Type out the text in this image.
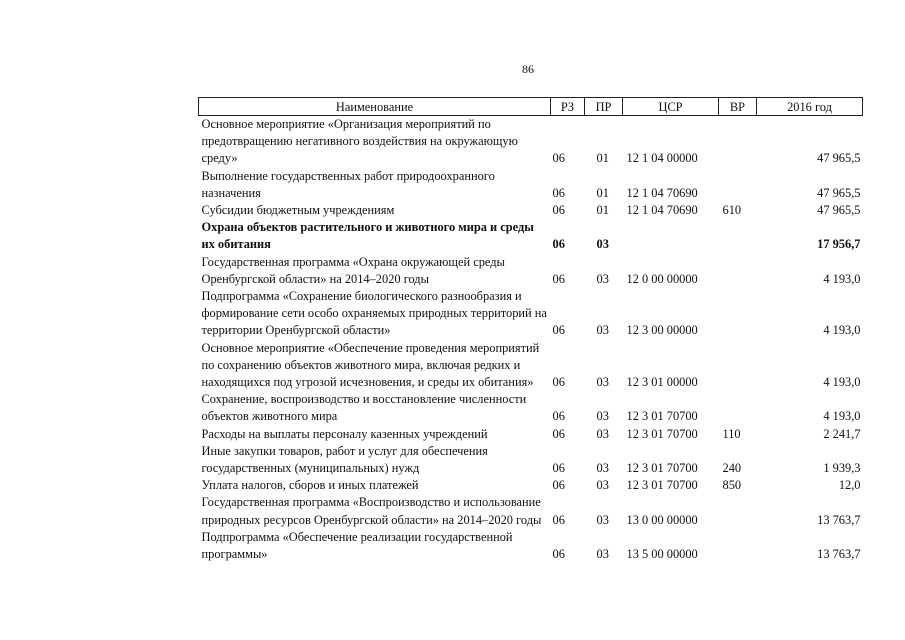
86
Наименование	РЗ	ПР	ЦСР	ВР	2016 год
Основное мероприятие «Организация мероприятий по предотвращению негативного воздействия на окружающую среду»	06	01	12 1 04 00000		47 965,5
Выполнение государственных работ природоохранного назначения	06	01	12 1 04 70690		47 965,5
Субсидии бюджетным учреждениям	06	01	12 1 04 70690	610	47 965,5
Охрана объектов растительного и животного мира и среды их обитания	06	03			17 956,7
Государственная программа «Охрана окружающей среды Оренбургской области» на 2014–2020 годы	06	03	12 0 00 00000		4 193,0
Подпрограмма «Сохранение биологического разнообразия и формирование сети особо охраняемых природных территорий на территории Оренбургской области»	06	03	12 3 00 00000		4 193,0
Основное мероприятие «Обеспечение проведения мероприятий по сохранению объектов животного мира, включая редких и находящихся под угрозой исчезновения, и среды их обитания»	06	03	12 3 01 00000		4 193,0
Сохранение, воспроизводство и восстановление численности объектов животного мира	06	03	12 3 01 70700		4 193,0
Расходы на выплаты персоналу казенных учреждений	06	03	12 3 01 70700	110	2 241,7
Иные закупки товаров, работ и услуг для обеспечения государственных (муниципальных) нужд	06	03	12 3 01 70700	240	1 939,3
Уплата налогов, сборов и иных платежей	06	03	12 3 01 70700	850	12,0
Государственная программа «Воспроизводство и использование природных ресурсов Оренбургской области» на 2014–2020 годы	06	03	13 0 00 00000		13 763,7
Подпрограмма «Обеспечение реализации государственной программы»	06	03	13 5 00 00000		13 763,7
